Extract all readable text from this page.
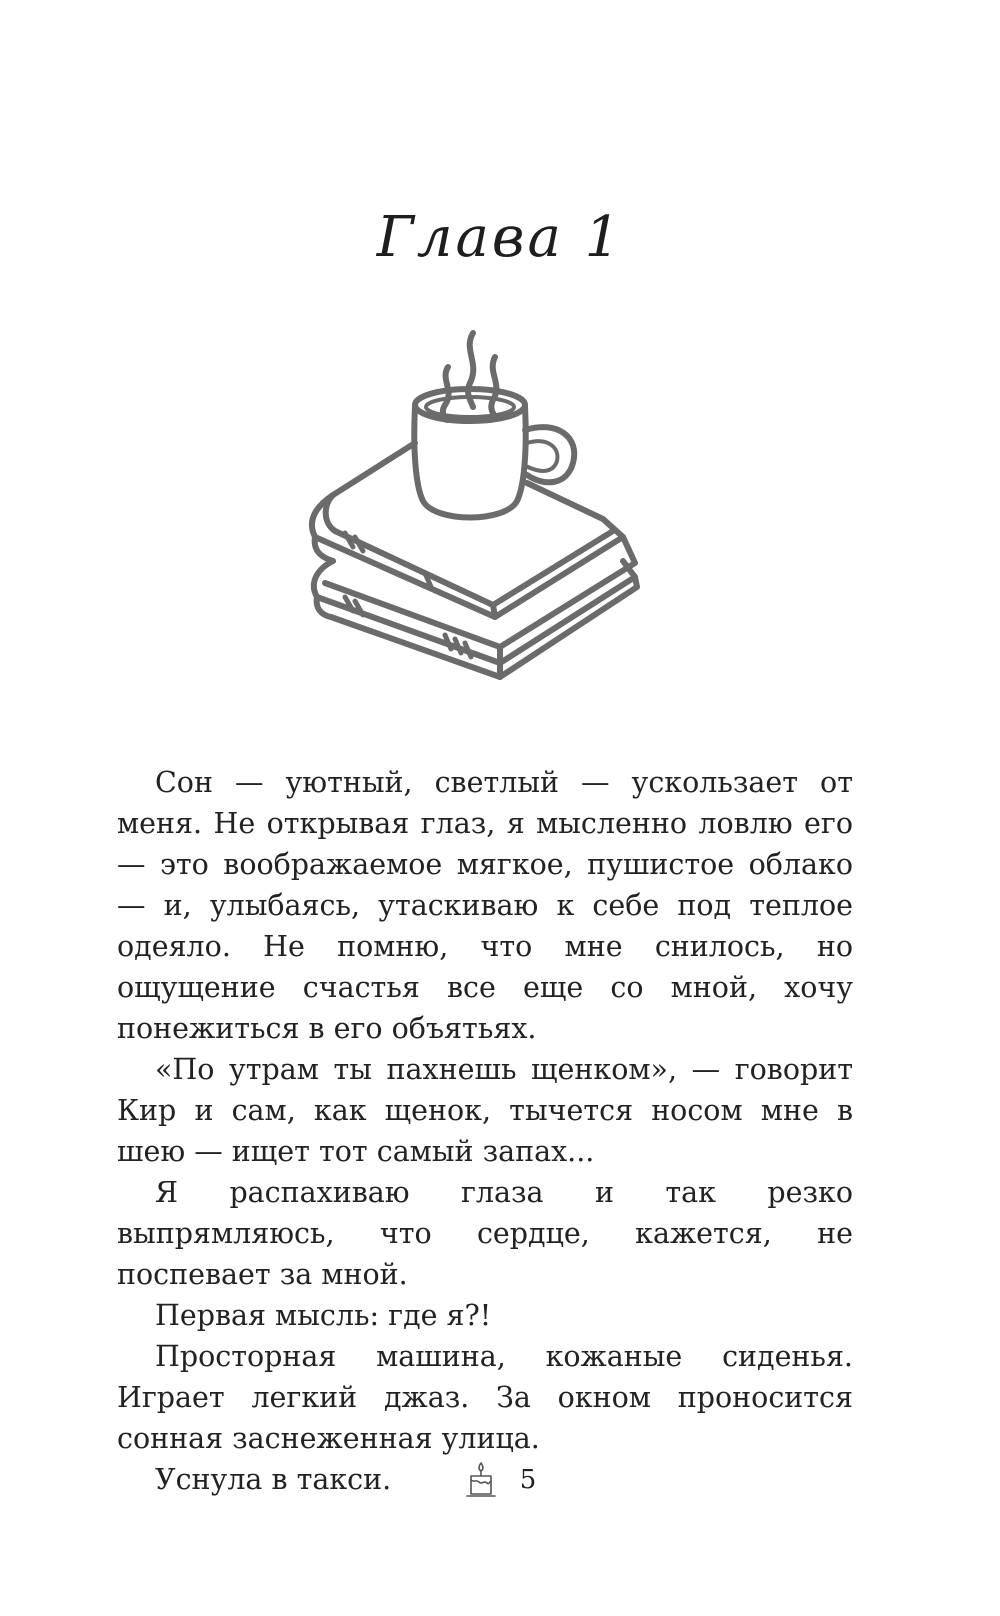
Глава 1

Сон — уютный, светлый — ускользает от меня. Не открывая глаз, я мысленно ловлю его — это воображаемое мягкое, пушистое облако — и, улыбаясь, утаскиваю к себе под теплое одеяло. Не помню, что мне снилось, но ощущение счастья все еще со мной, хочу понежиться в его объятьях.

«По утрам ты пахнешь щенком», — говорит Кир и сам, как щенок, тычется носом мне в шею — ищет тот самый запах...

Я распахиваю глаза и так резко выпрямляюсь, что сердце, кажется, не поспевает за мной.

Первая мысль: где я?!

Просторная машина, кожаные сиденья. Играет легкий джаз. За окном проносится сонная заснеженная улица.

Уснула в такси.	5
